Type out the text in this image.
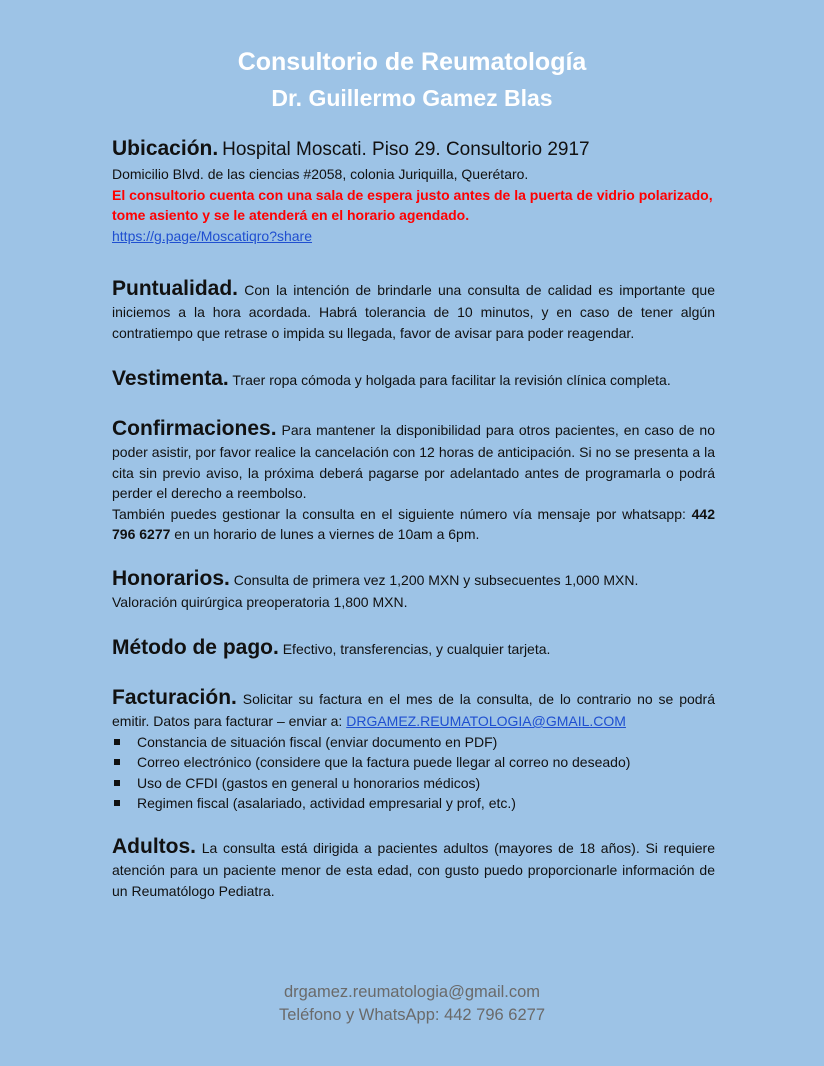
Consultorio de Reumatología
Dr. Guillermo Gamez Blas

Ubicación. Hospital Moscati. Piso 29. Consultorio 2917

Domicilio Blvd. de las ciencias #2058, colonia Juriquilla, Querétaro.

El consultorio cuenta con una sala de espera justo antes de la puerta de vidrio polarizado, tome asiento y se le atenderá en el horario agendado.

https://g.page/Moscatiqro?share

Puntualidad. Con la intención de brindarle una consulta de calidad es importante que iniciemos a la hora acordada. Habrá tolerancia de 10 minutos, y en caso de tener algún contratiempo que retrase o impida su llegada, favor de avisar para poder reagendar.

Vestimenta. Traer ropa cómoda y holgada para facilitar la revisión clínica completa.

Confirmaciones. Para mantener la disponibilidad para otros pacientes, en caso de no poder asistir, por favor realice la cancelación con 12 horas de anticipación. Si no se presenta a la cita sin previo aviso, la próxima deberá pagarse por adelantado antes de programarla o podrá perder el derecho a reembolso.

También puedes gestionar la consulta en el siguiente número vía mensaje por whatsapp: 442 796 6277 en un horario de lunes a viernes de 10am a 6pm.

Honorarios. Consulta de primera vez 1,200 MXN y subsecuentes 1,000 MXN.

Valoración quirúrgica preoperatoria 1,800 MXN.

Método de pago. Efectivo, transferencias, y cualquier tarjeta.

Facturación. Solicitar su factura en el mes de la consulta, de lo contrario no se podrá emitir. Datos para facturar – enviar a: DRGAMEZ.REUMATOLOGIA@GMAIL.COM

Constancia de situación fiscal (enviar documento en PDF)
Correo electrónico (considere que la factura puede llegar al correo no deseado)
Uso de CFDI (gastos en general u honorarios médicos)
Regimen fiscal (asalariado, actividad empresarial y prof, etc.)

Adultos. La consulta está dirigida a pacientes adultos (mayores de 18 años). Si requiere atención para un paciente menor de esta edad, con gusto puedo proporcionarle información de un Reumatólogo Pediatra.

drgamez.reumatologia@gmail.com

Teléfono y WhatsApp: 442 796 6277
